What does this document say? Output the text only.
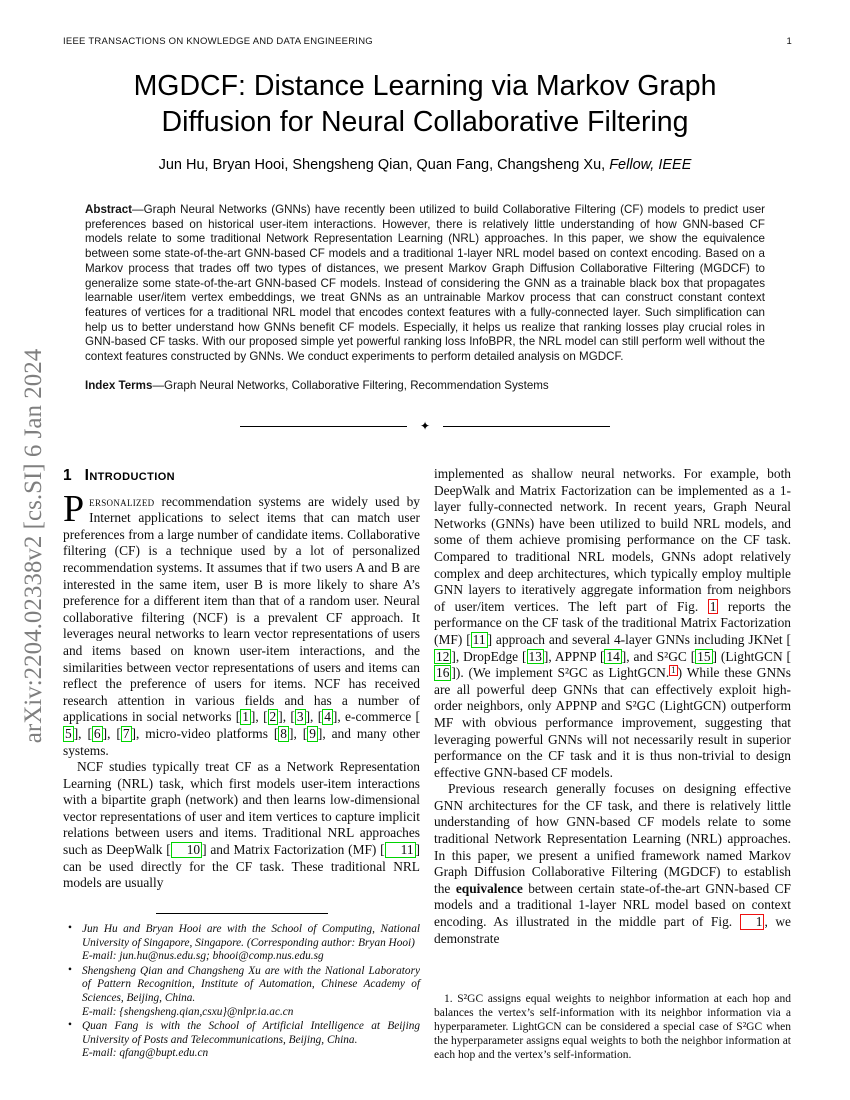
IEEE TRANSACTIONS ON KNOWLEDGE AND DATA ENGINEERING	1
arXiv:2204.02338v2 [cs.SI] 6 Jan 2024
MGDCF: Distance Learning via Markov Graph Diffusion for Neural Collaborative Filtering
Jun Hu, Bryan Hooi, Shengsheng Qian, Quan Fang, Changsheng Xu, Fellow, IEEE
Abstract—Graph Neural Networks (GNNs) have recently been utilized to build Collaborative Filtering (CF) models to predict user preferences based on historical user-item interactions. However, there is relatively little understanding of how GNN-based CF models relate to some traditional Network Representation Learning (NRL) approaches. In this paper, we show the equivalence between some state-of-the-art GNN-based CF models and a traditional 1-layer NRL model based on context encoding. Based on a Markov process that trades off two types of distances, we present Markov Graph Diffusion Collaborative Filtering (MGDCF) to generalize some state-of-the-art GNN-based CF models. Instead of considering the GNN as a trainable black box that propagates learnable user/item vertex embeddings, we treat GNNs as an untrainable Markov process that can construct constant context features of vertices for a traditional NRL model that encodes context features with a fully-connected layer. Such simplification can help us to better understand how GNNs benefit CF models. Especially, it helps us realize that ranking losses play crucial roles in GNN-based CF tasks. With our proposed simple yet powerful ranking loss InfoBPR, the NRL model can still perform well without the context features constructed by GNNs. We conduct experiments to perform detailed analysis on MGDCF.
Index Terms—Graph Neural Networks, Collaborative Filtering, Recommendation Systems
✦
1 Introduction

Personalized recommendation systems are widely used by Internet applications to select items that can match user preferences from a large number of candidate items. Collaborative filtering (CF) is a technique used by a lot of personalized recommendation systems. It assumes that if two users A and B are interested in the same item, user B is more likely to share A’s preference for a different item than that of a random user. Neural collaborative filtering (NCF) is a prevalent CF approach. It leverages neural networks to learn vector representations of users and items based on known user-item interactions, and the similarities between vector representations of users and items can reflect the preference of users for items. NCF has received research attention in various fields and has a number of applications in social networks [ 1 ], [ 2 ], [ 3 ], [ 4 ], e-commerce [5 ], [ 6 ], [ 7 ], micro-video platforms [ 8 ], [ 9 ], and many other systems.

NCF studies typically treat CF as a Network Representation Learning (NRL) task, which first models user-item interactions with a bipartite graph (network) and then learns low-dimensional vector representations of user and item vertices to capture implicit relations between users and items. Traditional NRL approaches such as DeepWalk [ 10 ] and Matrix Factorization (MF) [ 11 ] can be used directly for the CF task. These traditional NRL models are usually

• Jun Hu and Bryan Hooi are with the School of Computing, National University of Singapore, Singapore. (Corresponding author: Bryan Hooi)
E-mail: jun.hu@nus.edu.sg; bhooi@comp.nus.edu.sg
• Shengsheng Qian and Changsheng Xu are with the National Laboratory of Pattern Recognition, Institute of Automation, Chinese Academy of Sciences, Beijing, China.
E-mail: {shengsheng.qian,csxu}@nlpr.ia.ac.cn
• Quan Fang is with the School of Artificial Intelligence at Beijing University of Posts and Telecommunications, Beijing, China.
E-mail: qfang@bupt.edu.cn

implemented as shallow neural networks. For example, both DeepWalk and Matrix Factorization can be implemented as a 1-layer fully-connected network. In recent years, Graph Neural Networks (GNNs) have been utilized to build NRL models, and some of them achieve promising performance on the CF task. Compared to traditional NRL models, GNNs adopt relatively complex and deep architectures, which typically employ multiple GNN layers to iteratively aggregate information from neighbors of user/item vertices. The left part of Fig. 1 reports the performance on the CF task of the traditional Matrix Factorization (MF) [ 11 ] approach and several 4-layer GNNs including JKNet [12 ], DropEdge [ 13 ], APPNP [ 14 ], and S²GC [ 15 ] (LightGCN [16 ]). (We implement S²GC as LightGCN. 1 ) While these GNNs are all powerful deep GNNs that can effectively exploit high-order neighbors, only APPNP and S²GC (LightGCN) outperform MF with obvious performance improvement, suggesting that leveraging powerful GNNs will not necessarily result in superior performance on the CF task and it is thus non-trivial to design effective GNN-based CF models.

Previous research generally focuses on designing effective GNN architectures for the CF task, and there is relatively little understanding of how GNN-based CF models relate to some traditional Network Representation Learning (NRL) approaches. In this paper, we present a unified framework named Markov Graph Diffusion Collaborative Filtering (MGDCF) to establish the equivalence between certain state-of-the-art GNN-based CF models and a traditional 1-layer NRL model based on context encoding. As illustrated in the middle part of Fig. 1 , we demonstrate

1. S²GC assigns equal weights to neighbor information at each hop and balances the vertex’s self-information with its neighbor information via a hyperparameter. LightGCN can be considered a special case of S²GC when the hyperparameter assigns equal weights to both the neighbor information at each hop and the vertex’s self-information.
